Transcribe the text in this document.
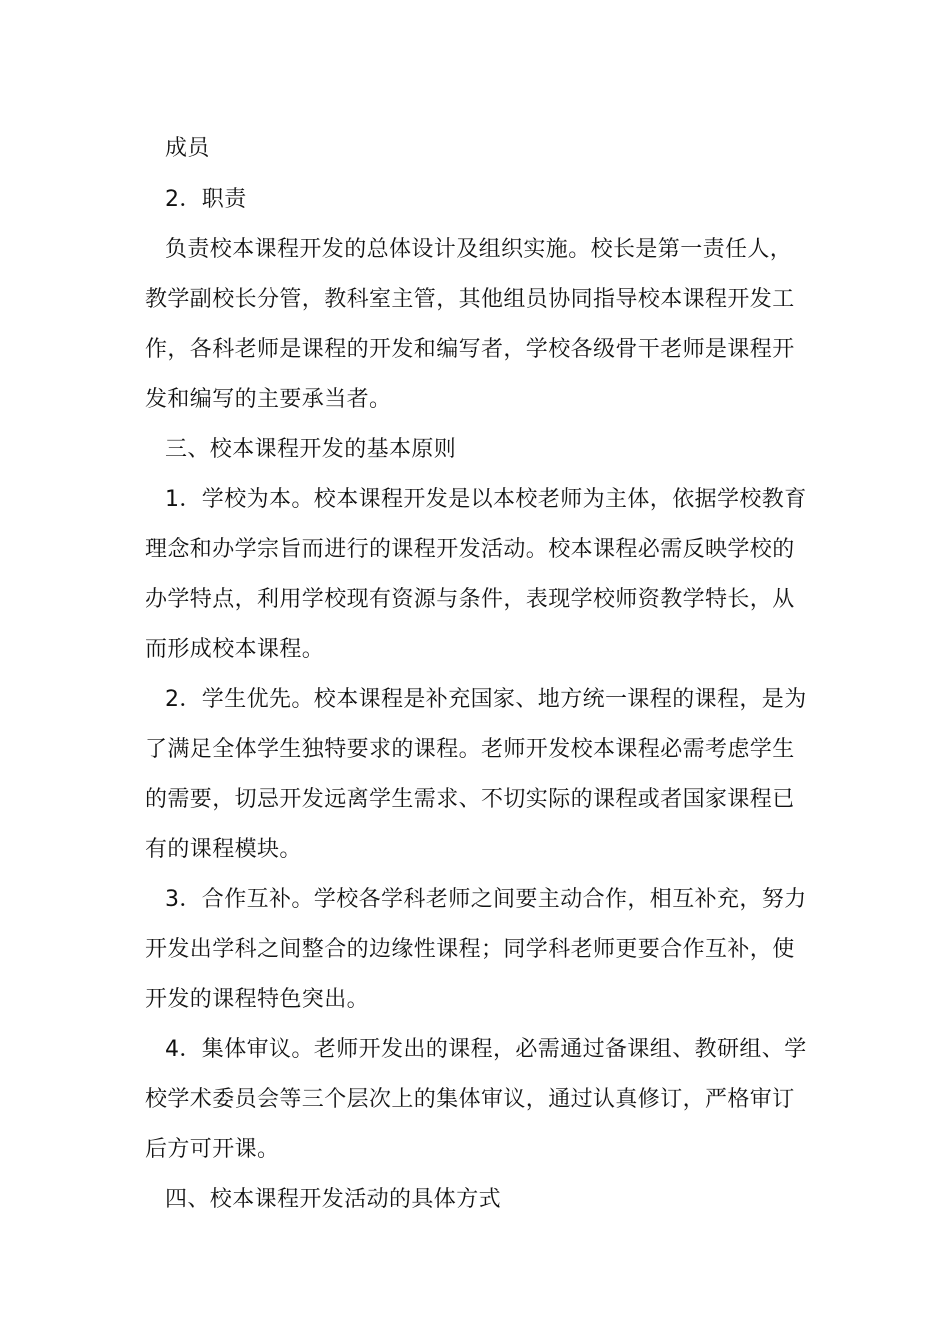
成员
2．职责
负责校本课程开发的总体设计及组织实施。校长是第一责任人，
教学副校长分管，教科室主管，其他组员协同指导校本课程开发工
作，各科老师是课程的开发和编写者，学校各级骨干老师是课程开
发和编写的主要承当者。
三、校本课程开发的基本原则
1．学校为本。校本课程开发是以本校老师为主体，依据学校教育
理念和办学宗旨而进行的课程开发活动。校本课程必需反映学校的
办学特点，利用学校现有资源与条件，表现学校师资教学特长，从
而形成校本课程。
2．学生优先。校本课程是补充国家、地方统一课程的课程，是为
了满足全体学生独特要求的课程。老师开发校本课程必需考虑学生
的需要，切忌开发远离学生需求、不切实际的课程或者国家课程已
有的课程模块。
3．合作互补。学校各学科老师之间要主动合作，相互补充，努力
开发出学科之间整合的边缘性课程；同学科老师更要合作互补，使
开发的课程特色突出。
4．集体审议。老师开发出的课程，必需通过备课组、教研组、学
校学术委员会等三个层次上的集体审议，通过认真修订，严格审订
后方可开课。
四、校本课程开发活动的具体方式
